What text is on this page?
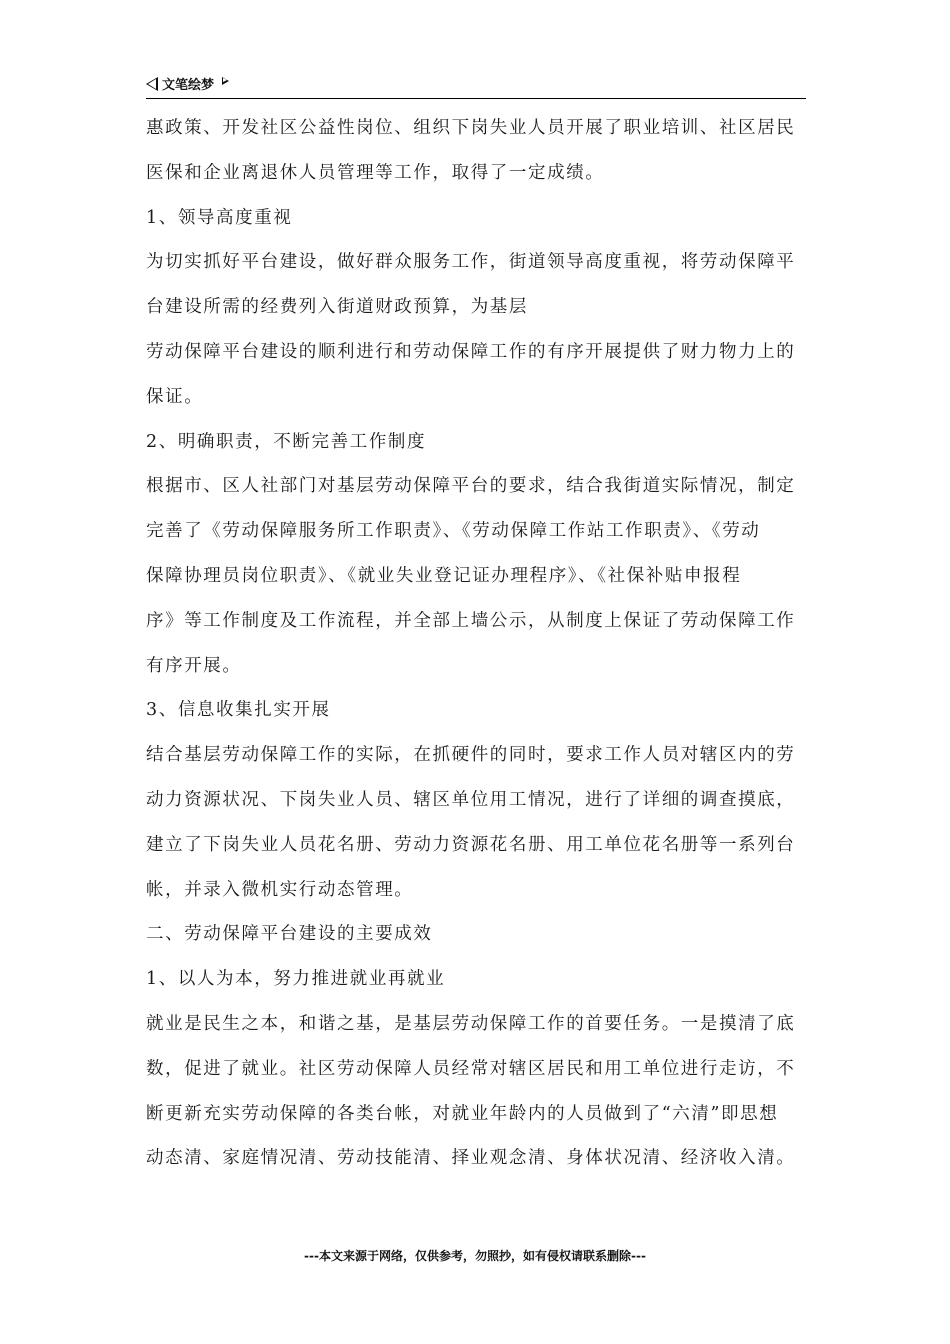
文笔绘梦
惠政策、开发社区公益性岗位、组织下岗失业人员开展了职业培训、社区居民
医保和企业离退休人员管理等工作，取得了一定成绩。
1、领导高度重视
为切实抓好平台建设，做好群众服务工作，街道领导高度重视，将劳动保障平
台建设所需的经费列入街道财政预算，为基层
劳动保障平台建设的顺利进行和劳动保障工作的有序开展提供了财力物力上的
保证。
2、明确职责，不断完善工作制度
根据市、区人社部门对基层劳动保障平台的要求，结合我街道实际情况，制定
完善了《劳动保障服务所工作职责》、《劳动保障工作站工作职责》、《劳动
保障协理员岗位职责》、《就业失业登记证办理程序》、《社保补贴申报程
序》等工作制度及工作流程，并全部上墙公示，从制度上保证了劳动保障工作
有序开展。
3、信息收集扎实开展
结合基层劳动保障工作的实际，在抓硬件的同时，要求工作人员对辖区内的劳
动力资源状况、下岗失业人员、辖区单位用工情况，进行了详细的调查摸底，
建立了下岗失业人员花名册、劳动力资源花名册、用工单位花名册等一系列台
帐，并录入微机实行动态管理。
二、劳动保障平台建设的主要成效
1、以人为本，努力推进就业再就业
就业是民生之本，和谐之基，是基层劳动保障工作的首要任务。一是摸清了底
数，促进了就业。社区劳动保障人员经常对辖区居民和用工单位进行走访，不
断更新充实劳动保障的各类台帐，对就业年龄内的人员做到了“六清”即思想
动态清、家庭情况清、劳动技能清、择业观念清、身体状况清、经济收入清。
---本文来源于网络，仅供参考，勿照抄，如有侵权请联系删除---
